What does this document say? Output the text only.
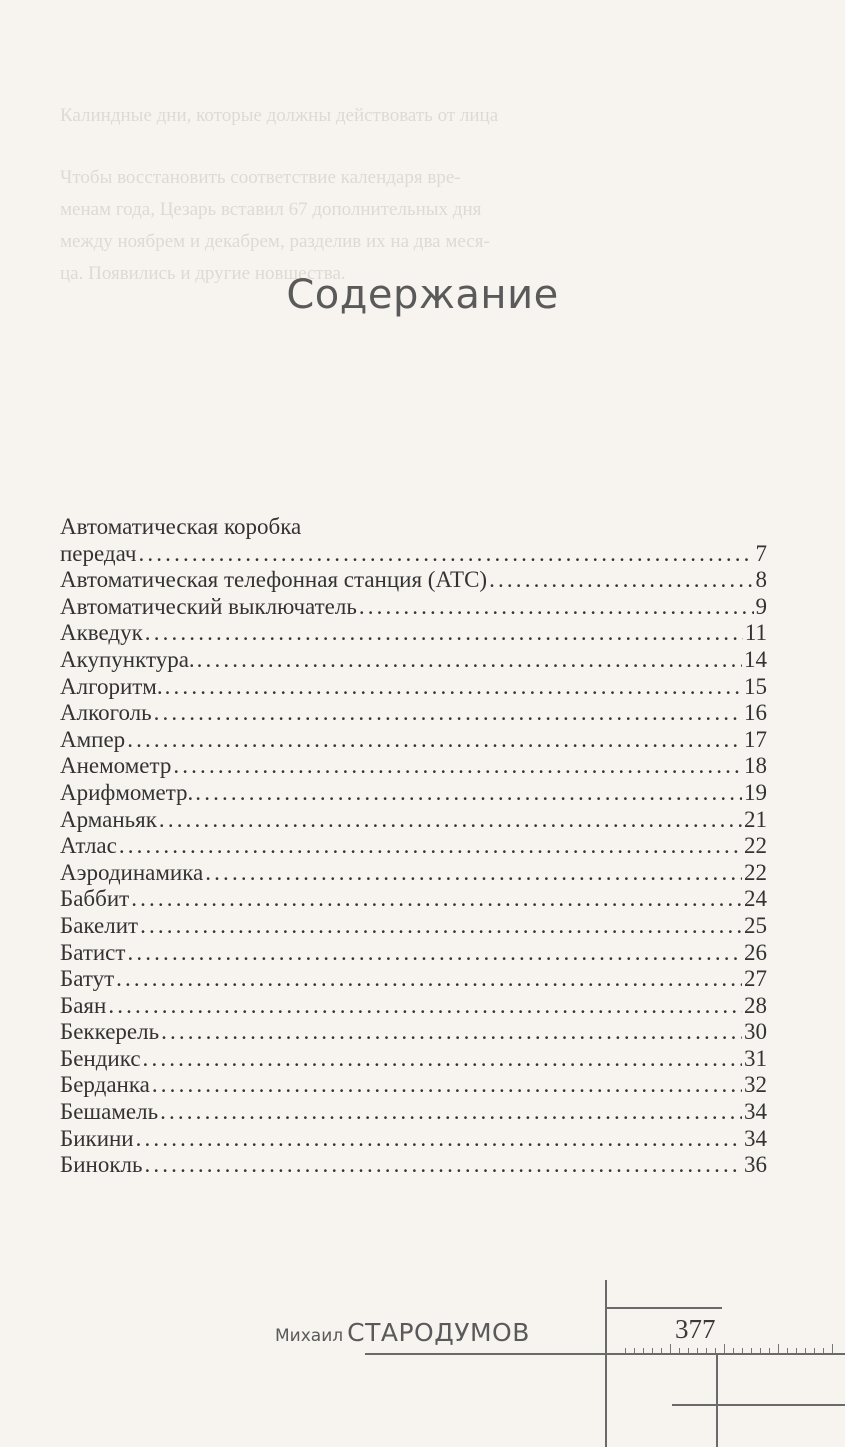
Калиндные дни, которые должны действовать от лица

Чтобы восстановить соответствие календаря вре-

менам года, Цезарь вставил 67 дополнительных дня

между ноябрем и декабрем, разделив их на два меся-

ца. Появились и другие новшества.

Содержание
Автоматическая коробка
передач . . .	7
Автоматическая телефонная станция (АТС) . . .	8
Автоматический выключатель . . .	9
Акведук . . .	11
Акупунктура. . . .	14
Алгоритм. . . .	15
Алкоголь . . .	16
Ампер . . .	17
Анемометр . . .	18
Арифмометр. . . .	19
Арманьяк . . .	21
Атлас . . .	22
Аэродинамика . . .	22
Баббит . . .	24
Бакелит . . .	25
Батист . . .	26
Батут . . .	27
Баян . . .	28
Беккерель . . .	30
Бендикс . . .	31
Берданка . . .	32
Бешамель . . .	34
Бикини . . .	34
Бинокль . . .	36
Михаил СТАРОДУМОВ	377
